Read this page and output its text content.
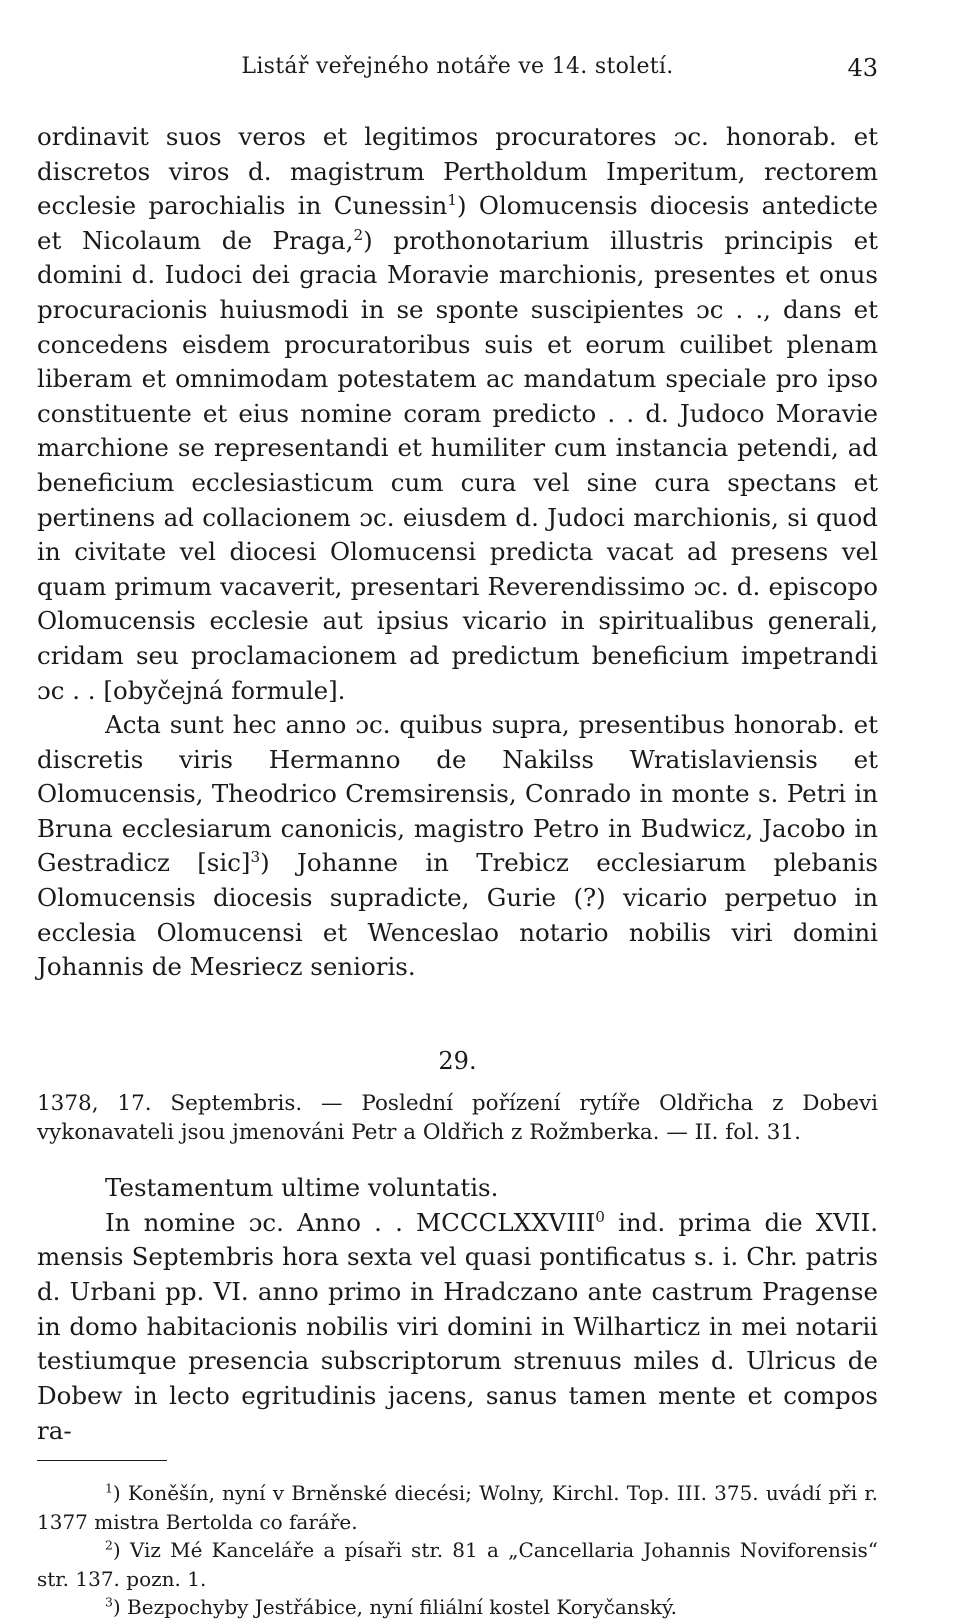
Listář veřejného notáře ve 14. století.	43

ordinavit suos veros et legitimos procuratores ɔc. honorab. et discretos viros d. magistrum Pertholdum Imperitum, rectorem ecclesie parochialis in Cunessin$^1$) Olomucensis diocesis antedicte et Nicolaum de Praga,$^2$) prothonotarium illustris principis et domini d. Iudoci dei gracia Moravie marchionis, presentes et onus procuracionis huiusmodi in se sponte suscipientes ɔc . ., dans et concedens eisdem procuratoribus suis et eorum cuilibet plenam liberam et omnimodam potestatem ac mandatum speciale pro ipso constituente et eius nomine coram predicto . . d. Judoco Moravie marchione se representandi et humiliter cum instancia petendi, ad beneficium ecclesiasticum cum cura vel sine cura spectans et pertinens ad collacionem ɔc. eiusdem d. Judoci marchionis, si quod in civitate vel diocesi Olomucensi predicta vacat ad presens vel quam primum vacaverit, presentari Reverendissimo ɔc. d. episcopo Olomucensis ecclesie aut ipsius vicario in spiritualibus generali, cridam seu proclamacionem ad predictum beneficium impetrandi ɔc . . [obyčejná formule].

Acta sunt hec anno ɔc. quibus supra, presentibus honorab. et discretis viris Hermanno de Nakilss Wratislaviensis et Olomucensis, Theodrico Cremsirensis, Conrado in monte s. Petri in Bruna ecclesiarum canonicis, magistro Petro in Budwicz, Jacobo in Gestradicz [sic]$^3$) Johanne in Trebicz ecclesiarum plebanis Olomucensis diocesis supradicte, Gurie (?) vicario perpetuo in ecclesia Olomucensi et Wenceslao notario nobilis viri domini Johannis de Mesriecz senioris.

29.

1378, 17. Septembris. — Poslední pořízení rytíře Oldřicha z Dobevi vykonavateli jsou jmenováni Petr a Oldřich z Rožmberka. — II. fol. 31.

Testamentum ultime voluntatis.

In nomine ɔc. Anno . . MCCCLXXVIII$^0$ ind. prima die XVII. mensis Septembris hora sexta vel quasi pontificatus s. i. Chr. patris d. Urbani pp. VI. anno primo in Hradczano ante castrum Pragense in domo habitacionis nobilis viri domini in Wilharticz in mei notarii testiumque presencia subscriptorum strenuus miles d. Ulricus de Dobew in lecto egritudinis jacens, sanus tamen mente et compos ra-

$^1$) Koněšín, nyní v Brněnské diecési; Wolny, Kirchl. Top. III. 375. uvádí při r. 1377 mistra Bertolda co faráře.

$^2$) Viz Mé Kanceláře a písaři str. 81 a „Cancellaria Johannis Noviforensis“ str. 137. pozn. 1.

$^3$) Bezpochyby Jestřábice, nyní filiální kostel Koryčanský.
